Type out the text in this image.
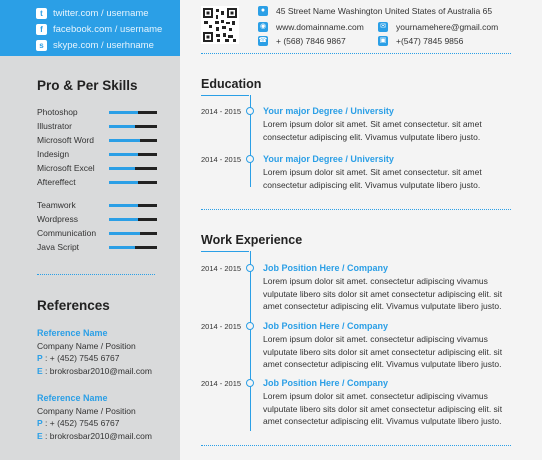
t	twitter.com / username
f	facebook.com / username
s skype.com / userhname
Pro & Per Skills
Photoshop
Illustrator
Microsoft Word
Indesign
Microsoft Excel
Aftereffect
Teamwork
Wordpress
Communication
Java Script
References
Reference Name
Company Name / Position
P : + (452) 7545 6767
E : brokrosbar2010@mail.com
Reference Name
Company Name / Position
P : + (452) 7545 6767
E : brokrosbar2010@mail.com
●	45 Street Name Washington United States of Australia 65
◉ www.domainname.com ✉ yournamehere@gmail.com
☎ + (568) 7846 9867	▣ +(547) 7845 9856
Education
2014 - 2015 Your major Degree / University
Lorem ipsum dolor sit amet. Sit amet consectetur. sit amet consectetur adipiscing elit. Vivamus vulputate libero justo.
2014 - 2015 Your major Degree / University
Lorem ipsum dolor sit amet. Sit amet consectetur. sit amet consectetur adipiscing elit. Vivamus vulputate libero justo.
Work Experience
2014 - 2015 Job Position Here / Company
Lorem ipsum dolor sit amet. consectetur adipiscing vivamus vulputate libero sits dolor sit amet consectetur adipiscing elit. sit amet consectetur adipiscing elit. Vivamus vulputate libero justo.
2014 - 2015 Job Position Here / Company
Lorem ipsum dolor sit amet. consectetur adipiscing vivamus vulputate libero sits dolor sit amet consectetur adipiscing elit. sit amet consectetur adipiscing elit. Vivamus vulputate libero justo.
2014 - 2015 Job Position Here / Company
Lorem ipsum dolor sit amet. consectetur adipiscing vivamus vulputate libero sits dolor sit amet consectetur adipiscing elit. sit amet consectetur adipiscing elit. Vivamus vulputate libero justo.
